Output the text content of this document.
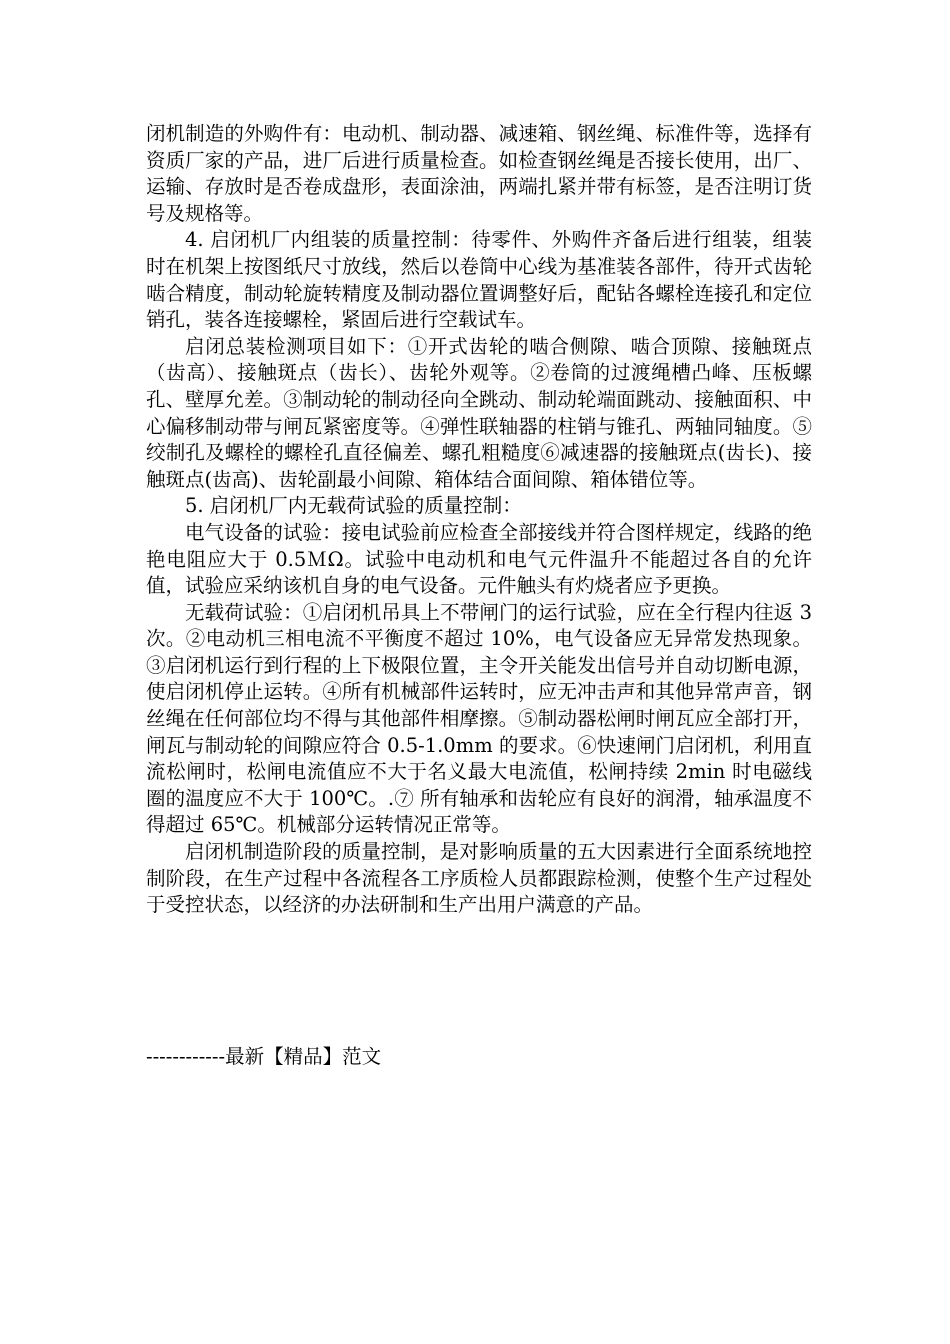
闭机制造的外购件有：电动机、制动器、减速箱、钢丝绳、标准件等，选择有资质厂家的产品，进厂后进行质量检查。如检查钢丝绳是否接长使用，出厂、运输、存放时是否卷成盘形，表面涂油，两端扎紧并带有标签，是否注明订货号及规格等。

4. 启闭机厂内组装的质量控制：待零件、外购件齐备后进行组装，组装时在机架上按图纸尺寸放线，然后以卷筒中心线为基准装各部件，待开式齿轮啮合精度，制动轮旋转精度及制动器位置调整好后，配钻各螺栓连接孔和定位销孔，装各连接螺栓，紧固后进行空载试车。

启闭总装检测项目如下：①开式齿轮的啮合侧隙、啮合顶隙、接触斑点（齿高）、接触斑点（齿长）、齿轮外观等。②卷筒的过渡绳槽凸峰、压板螺孔、壁厚允差。③制动轮的制动径向全跳动、制动轮端面跳动、接触面积、中心偏移制动带与闸瓦紧密度等。④弹性联轴器的柱销与锥孔、两轴同轴度。⑤绞制孔及螺栓的螺栓孔直径偏差、螺孔粗糙度⑥减速器的接触斑点(齿长)、接触斑点(齿高)、齿轮副最小间隙、箱体结合面间隙、箱体错位等。

5. 启闭机厂内无载荷试验的质量控制：

电气设备的试验：接电试验前应检查全部接线并符合图样规定，线路的绝艳电阻应大于 0.5ＭΩ。试验中电动机和电气元件温升不能超过各自的允许值，试验应采纳该机自身的电气设备。元件触头有灼烧者应予更换。

无载荷试验：①启闭机吊具上不带闸门的运行试验，应在全行程内往返 3 次。②电动机三相电流不平衡度不超过 10%，电气设备应无异常发热现象。③启闭机运行到行程的上下极限位置，主令开关能发出信号并自动切断电源，使启闭机停止运转。④所有机械部件运转时，应无冲击声和其他异常声音，钢丝绳在任何部位均不得与其他部件相摩擦。⑤制动器松闸时闸瓦应全部打开，闸瓦与制动轮的间隙应符合 0.5-1.0mm 的要求。⑥快速闸门启闭机，利用直流松闸时，松闸电流值应不大于名义最大电流值，松闸持续 2min 时电磁线圈的温度应不大于 100℃。.⑦ 所有轴承和齿轮应有良好的润滑，轴承温度不得超过 65℃。机械部分运转情况正常等。

启闭机制造阶段的质量控制，是对影响质量的五大因素进行全面系统地控制阶段，在生产过程中各流程各工序质检人员都跟踪检测，使整个生产过程处于受控状态，以经济的办法研制和生产出用户满意的产品。

------------最新【精品】范文
